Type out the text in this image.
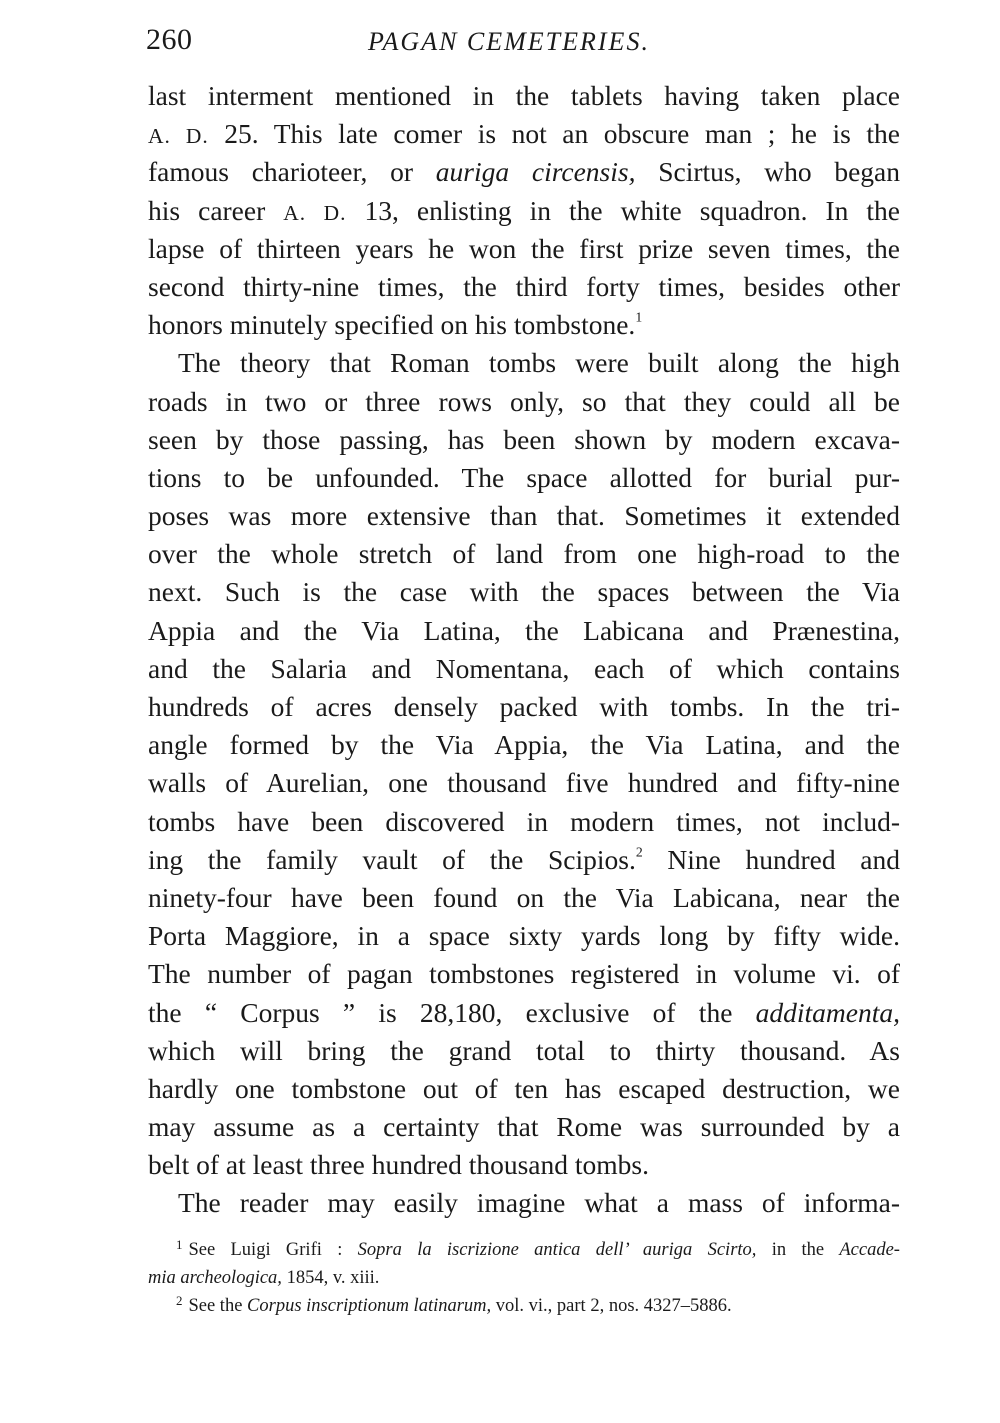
260	PAGAN CEMETERIES.
last interment mentioned in the tablets having taken place
A. D. 25. This late comer is not an obscure man ; he is the
famous charioteer, or auriga circensis, Scirtus, who began
his career A. D. 13, enlisting in the white squadron. In the
lapse of thirteen years he won the first prize seven times, the
second thirty-nine times, the third forty times, besides other
honors minutely specified on his tombstone.$^1$
The theory that Roman tombs were built along the high
roads in two or three rows only, so that they could all be
seen by those passing, has been shown by modern excava-
tions to be unfounded. The space allotted for burial pur-
poses was more extensive than that. Sometimes it extended
over the whole stretch of land from one high-road to the
next. Such is the case with the spaces between the Via
Appia and the Via Latina, the Labicana and Prænestina,
and the Salaria and Nomentana, each of which contains
hundreds of acres densely packed with tombs. In the tri-
angle formed by the Via Appia, the Via Latina, and the
walls of Aurelian, one thousand five hundred and fifty-nine
tombs have been discovered in modern times, not includ-
ing the family vault of the Scipios.$^2$ Nine hundred and
ninety-four have been found on the Via Labicana, near the
Porta Maggiore, in a space sixty yards long by fifty wide.
The number of pagan tombstones registered in volume vi. of
the “ Corpus ” is 28,180, exclusive of the additamenta,
which will bring the grand total to thirty thousand. As
hardly one tombstone out of ten has escaped destruction, we
may assume as a certainty that Rome was surrounded by a
belt of at least three hundred thousand tombs.
The reader may easily imagine what a mass of informa-
$^1$ See Luigi Grifi : Sopra la iscrizione antica dell’ auriga Scirto, in the Accade-
mia archeologica, 1854, v. xiii.
$^2$ See the Corpus inscriptionum latinarum, vol. vi., part 2, nos. 4327–5886.
